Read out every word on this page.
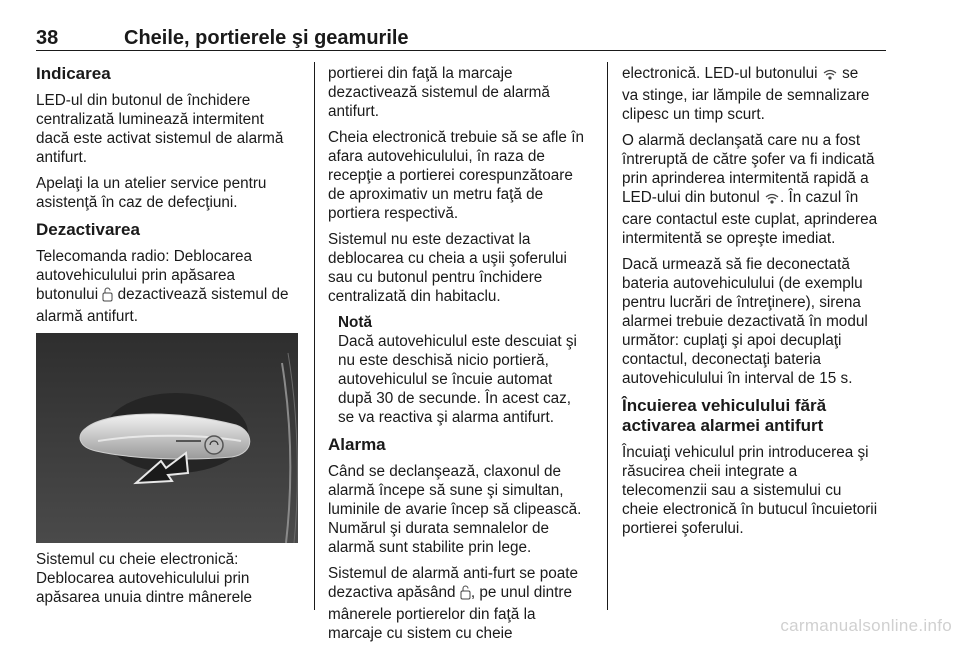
38	Cheile, portierele şi geamurile
Indicarea

LED-ul din butonul de închidere
centralizată luminează intermitent
dacă este activat sistemul de alarmă
antifurt.

Apelaţi la un atelier service pentru
asistenţă în caz de defecţiuni.

Dezactivarea
Telecomanda radio: Deblocarea
autovehiculului prin apăsarea
butonului  dezactivează sistemul de
alarmă antifurt.

Sistemul cu cheie electronică:
Deblocarea autovehiculului prin
apăsarea unuia dintre mânerele

portierei din faţă la marcaje
dezactivează sistemul de alarmă
antifurt.

Cheia electronică trebuie să se afle în
afara autovehiculului, în raza de
recepţie a portierei corespunzătoare
de aproximativ un metru faţă de
portiera respectivă.

Sistemul nu este dezactivat la
deblocarea cu cheia a uşii şoferului
sau cu butonul pentru închidere
centralizată din habitaclu.

Notă
Dacă autovehiculul este descuiat şi
nu este deschisă nicio portieră,
autovehiculul se încuie automat
după 30 de secunde. În acest caz,
se va reactiva şi alarma antifurt.
Alarma

Când se declanşează, claxonul de
alarmă începe să sune şi simultan,
luminile de avarie încep să clipească.
Numărul şi durata semnalelor de
alarmă sunt stabilite prin lege.

Sistemul de alarmă anti-furt se poate
dezactiva apăsând , pe unul dintre
mânerele portierelor din faţă la
marcaje cu sistem cu cheie
electronică. LED-ul butonului  se
va stinge, iar lămpile de semnalizare
clipesc un timp scurt.
O alarmă declanşată care nu a fost
întreruptă de către şofer va fi indicată
prin aprinderea intermitentă rapidă a
LED-ului din butonul . În cazul în
care contactul este cuplat, aprinderea
intermitentă se opreşte imediat.

Dacă urmează să fie deconectată
bateria autovehiculului (de exemplu
pentru lucrări de întreţinere), sirena
alarmei trebuie dezactivată în modul
următor: cuplaţi şi apoi decuplaţi
contactul, deconectaţi bateria
autovehiculului în interval de 15 s.

Încuierea vehiculului fără
activarea alarmei antifurt

Încuiaţi vehiculul prin introducerea şi
răsucirea cheii integrate a
telecomenzii sau a sistemului cu
cheie electronică în butucul încuietorii
portierei şoferului.

carmanualsonline.info
